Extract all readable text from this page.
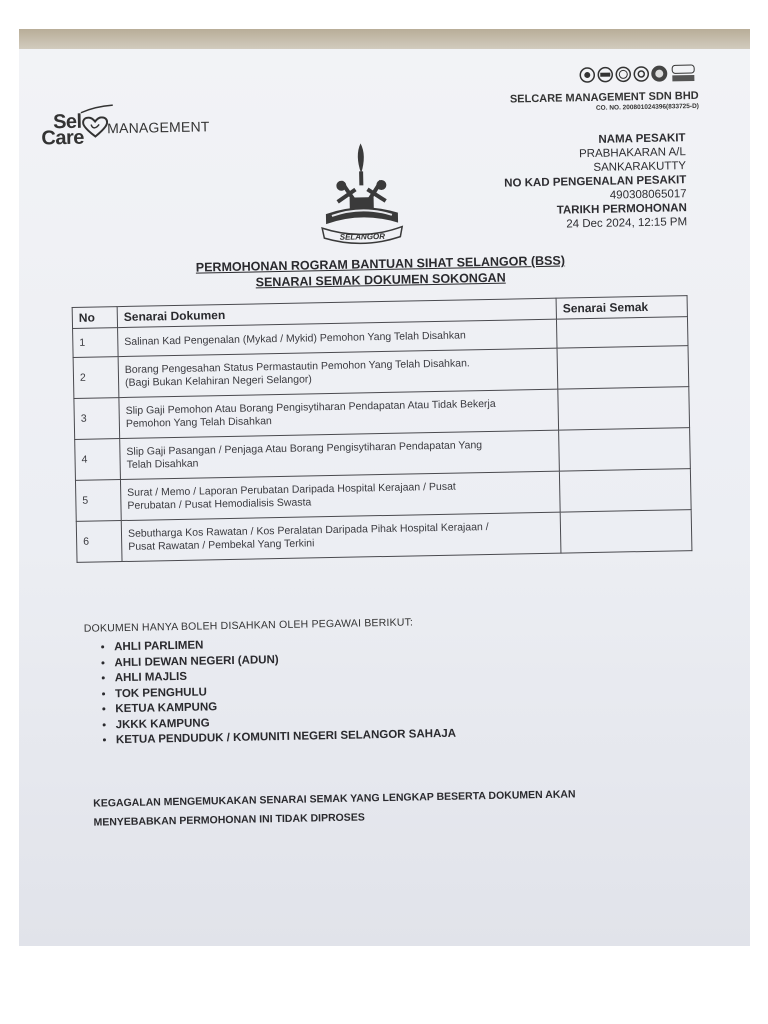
Sel
Care MANAGEMENT
SELCARE MANAGEMENT SDN BHD
CO. NO. 200801024396(833725-D)
SELANGOR
NAMA PESAKIT
PRABHAKARAN A/L
SANKARAKUTTY
NO KAD PENGENALAN PESAKIT
490308065017
TARIKH PERMOHONAN
24 Dec 2024, 12:15 PM
PERMOHONAN ROGRAM BANTUAN SIHAT SELANGOR (BSS)
SENARAI SEMAK DOKUMEN SOKONGAN
No	Senarai Dokumen	Senarai Semak
1	Salinan Kad Pengenalan (Mykad / Mykid) Pemohon Yang Telah Disahkan	
2	Borang Pengesahan Status Permastautin Pemohon Yang Telah Disahkan.
(Bagi Bukan Kelahiran Negeri Selangor)	
3	Slip Gaji Pemohon Atau Borang Pengisytiharan Pendapatan Atau Tidak Bekerja
Pemohon Yang Telah Disahkan	
4	Slip Gaji Pasangan / Penjaga Atau Borang Pengisytiharan Pendapatan Yang
Telah Disahkan	
5	Surat / Memo / Laporan Perubatan Daripada Hospital Kerajaan / Pusat
Perubatan / Pusat Hemodialisis Swasta	
6	Sebutharga Kos Rawatan / Kos Peralatan Daripada Pihak Hospital Kerajaan /
Pusat Rawatan / Pembekal Yang Terkini	
DOKUMEN HANYA BOLEH DISAHKAN OLEH PEGAWAI BERIKUT:
• AHLI PARLIMEN
• AHLI DEWAN NEGERI (ADUN)
• AHLI MAJLIS
• TOK PENGHULU
• KETUA KAMPUNG
• JKKK KAMPUNG
• KETUA PENDUDUK / KOMUNITI NEGERI SELANGOR SAHAJA
KEGAGALAN MENGEMUKAKAN SENARAI SEMAK YANG LENGKAP BESERTA DOKUMEN AKAN
MENYEBABKAN PERMOHONAN INI TIDAK DIPROSES
